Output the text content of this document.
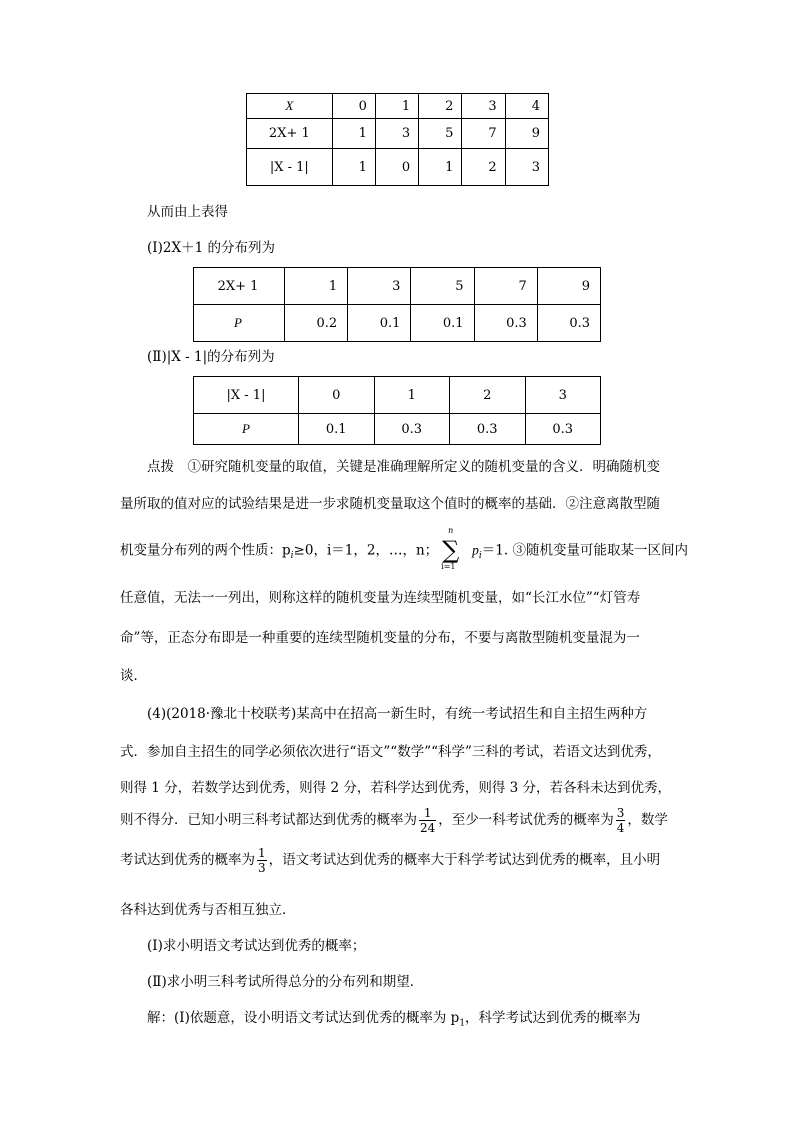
X	0	1	2	3	4
2X+ 1	1	3	5	7	9
|X - 1|	1	0	1	2	3
从而由上表得
(Ⅰ)2X＋1 的分布列为
2X+ 1	1	3	5	7	9
P	0.2	0.1	0.1	0.3	0.3
(Ⅱ)|X - 1|的分布列为
|X - 1|	0	1	2	3
P	0.1	0.3	0.3	0.3
点拨　①研究随机变量的取值，关键是准确理解所定义的随机变量的含义．明确随机变
量所取的值对应的试验结果是进一步求随机变量取这个值时的概率的基础．②注意离散型随
机变量分布列的两个性质：$p_i\ge 0$，i＝1，2，…，n；
n
∑
i=1
$p_i=1$. ③随机变量可能取某一区间内
任意值，无法一一列出，则称这样的随机变量为连续型随机变量，如“长江水位”“灯管寿
命”等，正态分布即是一种重要的连续型随机变量的分布，不要与离散型随机变量混为一
谈．
(4)(2018·豫北十校联考)某高中在招高一新生时，有统一考试招生和自主招生两种方
式．参加自主招生的同学必须依次进行“语文”“数学”“科学”三科的考试，若语文达到优秀，
则得 1 分，若数学达到优秀，则得 2 分，若科学达到优秀，则得 3 分，若各科未达到优秀，
则不得分．已知小明三科考试都达到优秀的概率为 $\frac{1}{24}$ ，至少一科考试优秀的概率为 $\frac{3}{4}$ ，数学
考试达到优秀的概率为 $\frac{1}{3}$ ，语文考试达到优秀的概率大于科学考试达到优秀的概率，且小明
各科达到优秀与否相互独立．
(Ⅰ)求小明语文考试达到优秀的概率；
(Ⅱ)求小明三科考试所得总分的分布列和期望．
解：(Ⅰ)依题意，设小明语文考试达到优秀的概率为 $p_1$，科学考试达到优秀的概率为
